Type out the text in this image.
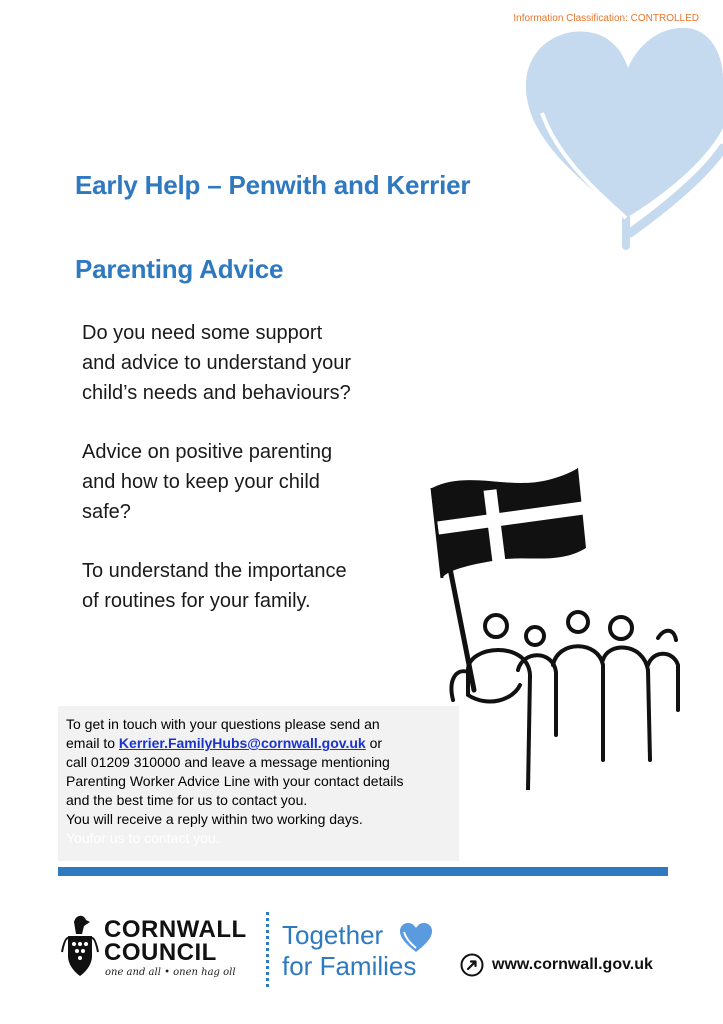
Information Classification: CONTROLLED
Early Help – Penwith and Kerrier
Parenting Advice

Do you need some support
and advice to understand your
child’s needs and behaviours?

Advice on positive parenting
and how to keep your child
safe?

To understand the importance
of routines for your family.

To get in touch with your questions please send an
email to Kerrier.FamilyHubs@cornwall.gov.uk or
call 01209 310000 and leave a message mentioning
Parenting Worker Advice Line with your contact details
and the best time for us to contact you.
You will receive a reply within two working days.
Youfor us to contact you.
CORNWALL
COUNCIL
one and all • onen hag oll
Together
for Families	www.cornwall.gov.uk
